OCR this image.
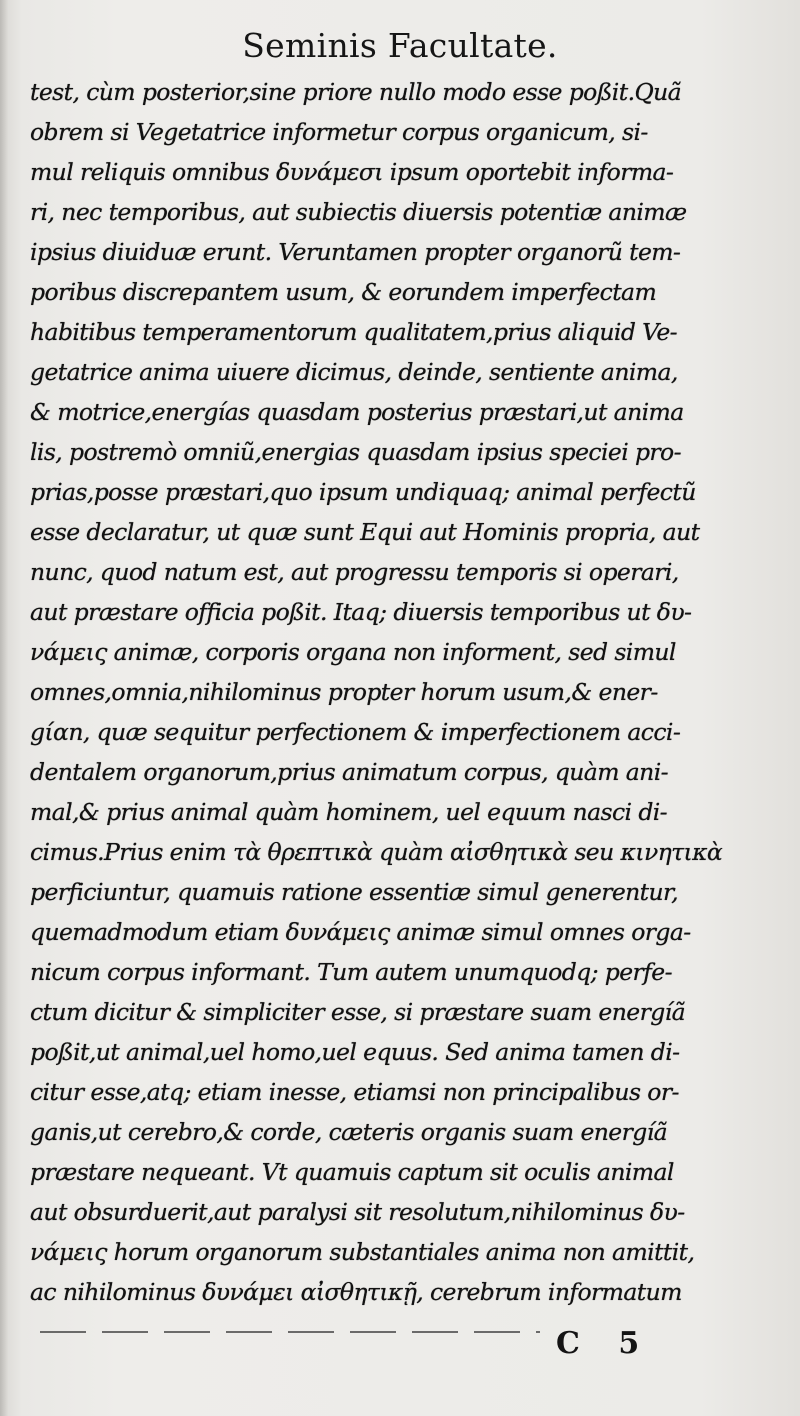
Seminis Facultate.
test, cùm posterior,sine priore nullo modo esse poßit.Quã
obrem si Vegetatrice informetur corpus organicum, si-
mul reliquis omnibus δυνάμεσι ipsum oportebit informa-
ri, nec temporibus, aut subiectis diuersis potentiæ animæ
ipsius diuiduæ erunt. Veruntamen propter organorũ tem-
poribus discrepantem usum, & eorundem imperfectam
habitibus temperamentorum qualitatem,prius aliquid Ve-
getatrice anima uiuere dicimus, deinde, sentiente anima,
& motrice,energías quasdam posterius præstari,ut anima
lis, postremò omniũ,energias quasdam ipsius speciei pro-
prias,posse præstari,quo ipsum undiquaq; animal perfectũ
esse declaratur, ut quæ sunt Equi aut Hominis propria, aut
nunc, quod natum est, aut progressu temporis si operari,
aut præstare officia poßit. Itaq; diuersis temporibus ut δυ-
νάμεις animæ, corporis organa non informent, sed simul
omnes,omnia,nihilominus propter horum usum,& ener-
gίαn, quæ sequitur perfectionem & imperfectionem acci-
dentalem organorum,prius animatum corpus, quàm ani-
mal,& prius animal quàm hominem, uel equum nasci di-
cimus.Prius enim τὰ θρεπτικὰ quàm αἰσθητικὰ seu κινητικὰ
perficiuntur, quamuis ratione essentiæ simul generentur,
quemadmodum etiam δυνάμεις animæ simul omnes orga-
nicum corpus informant. Tum autem unumquodq; perfe-
ctum dicitur & simpliciter esse, si præstare suam energíã
poßit,ut animal,uel homo,uel equus. Sed anima tamen di-
citur esse,atq; etiam inesse, etiamsi non principalibus or-
ganis,ut cerebro,& corde, cæteris organis suam energíã
præstare nequeant. Vt quamuis captum sit oculis animal
aut obsurduerit,aut paralysi sit resolutum,nihilominus δυ-
νάμεις horum organorum substantiales anima non amittit,
ac nihilominus δυνάμει αἰσθητικῇ, cerebrum informatum
C 5
